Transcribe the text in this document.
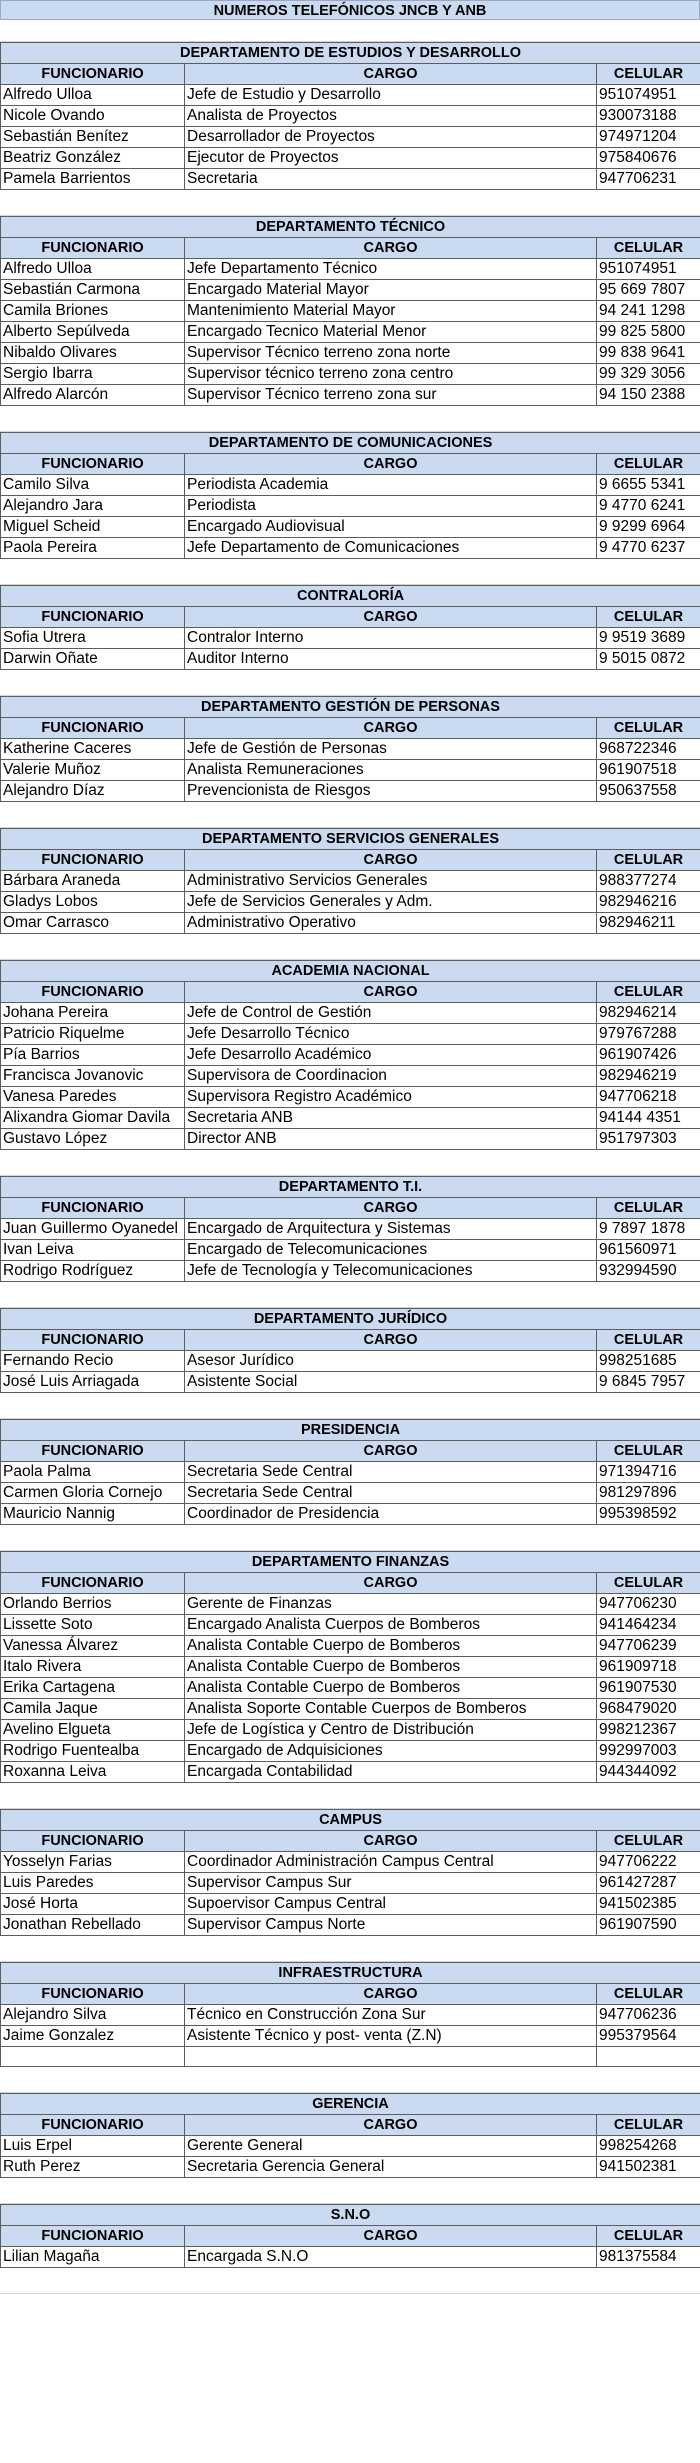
NUMEROS TELEFÓNICOS JNCB Y ANB
DEPARTAMENTO DE ESTUDIOS Y DESARROLLO		
FUNCIONARIO	CARGO	CELULAR
Alfredo Ulloa	Jefe de Estudio y Desarrollo	951074951
Nicole Ovando	Analista de Proyectos	930073188
Sebastián Benítez	Desarrollador de Proyectos	974971204
Beatriz González	Ejecutor de Proyectos	975840676
Pamela Barrientos	Secretaria	947706231
DEPARTAMENTO TÉCNICO		
FUNCIONARIO	CARGO	CELULAR
Alfredo Ulloa	Jefe Departamento Técnico	951074951
Sebastián Carmona	Encargado Material Mayor	95 669 7807
Camila Briones	Mantenimiento Material Mayor	94 241 1298
Alberto Sepúlveda	Encargado Tecnico Material Menor	99 825 5800
Nibaldo Olivares	Supervisor Técnico terreno zona norte	99 838 9641
Sergio Ibarra	Supervisor técnico terreno zona centro	99 329 3056
Alfredo Alarcón	Supervisor Técnico terreno zona sur	94 150 2388
DEPARTAMENTO DE COMUNICACIONES		
FUNCIONARIO	CARGO	CELULAR
Camilo Silva	Periodista Academia	9 6655 5341
Alejandro Jara	Periodista	9 4770 6241
Miguel Scheid	Encargado Audiovisual	9 9299 6964
Paola Pereira	Jefe Departamento de Comunicaciones	9 4770 6237
CONTRALORÍA		
FUNCIONARIO	CARGO	CELULAR
Sofia Utrera	Contralor Interno	9 9519 3689
Darwin Oñate	Auditor Interno	9 5015 0872
DEPARTAMENTO GESTIÓN DE PERSONAS		
FUNCIONARIO	CARGO	CELULAR
Katherine Caceres	Jefe de Gestión de Personas	968722346
Valerie Muñoz	Analista Remuneraciones	961907518
Alejandro Díaz	Prevencionista de Riesgos	950637558
DEPARTAMENTO SERVICIOS GENERALES		
FUNCIONARIO	CARGO	CELULAR
Bárbara Araneda	Administrativo Servicios Generales	988377274
Gladys Lobos	Jefe de Servicios Generales y Adm.	982946216
Omar Carrasco	Administrativo Operativo	982946211
ACADEMIA NACIONAL		
FUNCIONARIO	CARGO	CELULAR
Johana Pereira	Jefe de Control de Gestión	982946214
Patricio Riquelme	Jefe Desarrollo Técnico	979767288
Pía Barrios	Jefe Desarrollo Académico	961907426
Francisca Jovanovic	Supervisora de Coordinacion	982946219
Vanesa Paredes	Supervisora Registro Académico	947706218
Alixandra Giomar Davila	Secretaria ANB	94144 4351
Gustavo López	Director ANB	951797303
DEPARTAMENTO T.I.		
FUNCIONARIO	CARGO	CELULAR
Juan Guillermo Oyanedel	Encargado de Arquitectura y Sistemas	9 7897 1878
Ivan Leiva	Encargado de Telecomunicaciones	961560971
Rodrigo Rodríguez	Jefe de Tecnología y Telecomunicaciones	932994590
DEPARTAMENTO JURÍDICO		
FUNCIONARIO	CARGO	CELULAR
Fernando Recio	Asesor Jurídico	998251685
José Luis Arriagada	Asistente Social	9 6845 7957
PRESIDENCIA		
FUNCIONARIO	CARGO	CELULAR
Paola Palma	Secretaria Sede Central	971394716
Carmen Gloria Cornejo	Secretaria Sede Central	981297896
Mauricio Nannig	Coordinador de Presidencia	995398592
DEPARTAMENTO FINANZAS		
FUNCIONARIO	CARGO	CELULAR
Orlando Berrios	Gerente de Finanzas	947706230
Lissette Soto	Encargado Analista Cuerpos de Bomberos	941464234
Vanessa Álvarez	Analista Contable Cuerpo de Bomberos	947706239
Italo Rivera	Analista Contable Cuerpo de Bomberos	961909718
Erika Cartagena	Analista Contable Cuerpo de Bomberos	961907530
Camila Jaque	Analista Soporte Contable Cuerpos de Bomberos	968479020
Avelino Elgueta	Jefe de Logística y Centro de Distribución	998212367
Rodrigo Fuentealba	Encargado de Adquisiciones	992997003
Roxanna Leiva	Encargada Contabilidad	944344092
CAMPUS		
FUNCIONARIO	CARGO	CELULAR
Yosselyn Farias	Coordinador Administración Campus Central	947706222
Luis Paredes	Supervisor Campus Sur	961427287
José Horta	Supoervisor Campus Central	941502385
Jonathan Rebellado	Supervisor Campus Norte	961907590
INFRAESTRUCTURA		
FUNCIONARIO	CARGO	CELULAR
Alejandro Silva	Técnico en Construcción Zona Sur	947706236
Jaime Gonzalez	Asistente Técnico y post- venta (Z.N)	995379564

GERENCIA		
FUNCIONARIO	CARGO	CELULAR
Luis Erpel	Gerente General	998254268
Ruth Perez	Secretaria Gerencia General	941502381
S.N.O		
FUNCIONARIO	CARGO	CELULAR
Lilian Magaña	Encargada S.N.O	981375584
